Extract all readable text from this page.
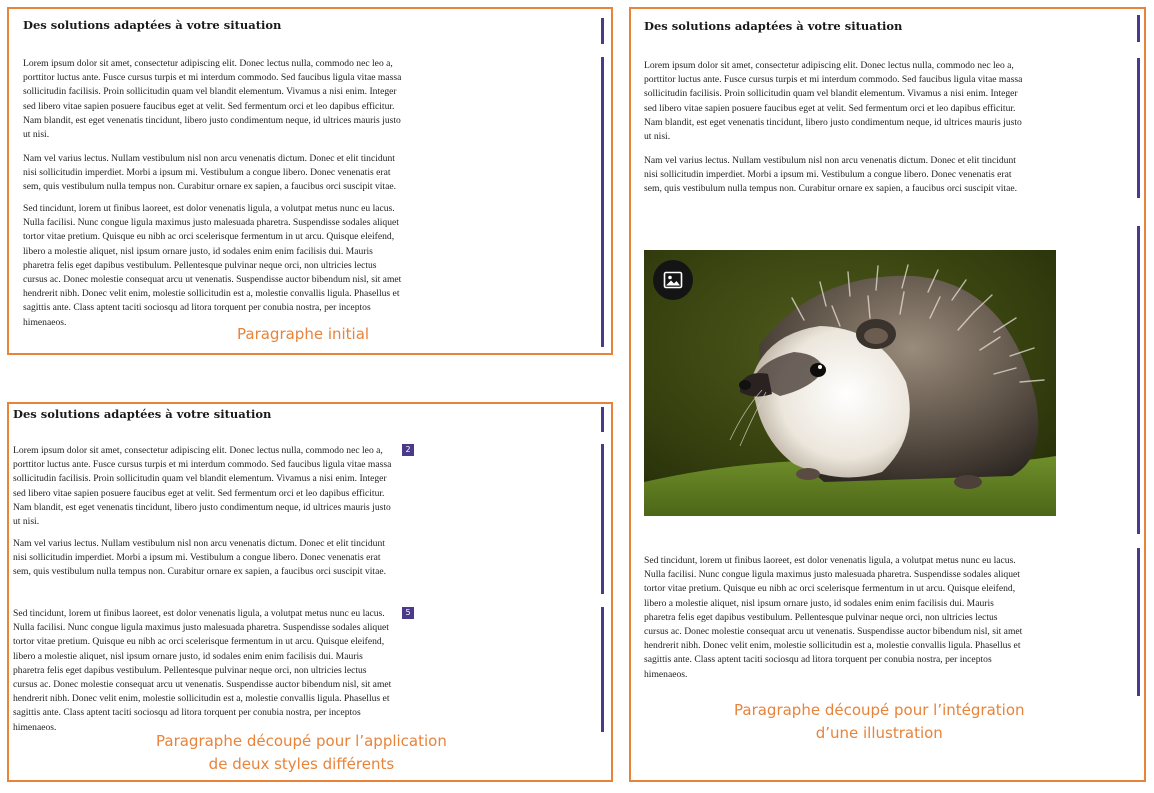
Des solutions adaptées à votre situation

Lorem ipsum dolor sit amet, consectetur adipiscing elit. Donec lectus nulla, commodo nec leo a,
porttitor luctus ante. Fusce cursus turpis et mi interdum commodo. Sed faucibus ligula vitae massa
sollicitudin facilisis. Proin sollicitudin quam vel blandit elementum. Vivamus a nisi enim. Integer
sed libero vitae sapien posuere faucibus eget at velit. Sed fermentum orci et leo dapibus efficitur.
Nam blandit, est eget venenatis tincidunt, libero justo condimentum neque, id ultrices mauris justo
ut nisi.
Nam vel varius lectus. Nullam vestibulum nisl non arcu venenatis dictum. Donec et elit tincidunt
nisi sollicitudin imperdiet. Morbi a ipsum mi. Vestibulum a congue libero. Donec venenatis erat
sem, quis vestibulum nulla tempus non. Curabitur ornare ex sapien, a faucibus orci suscipit vitae.
Sed tincidunt, lorem ut finibus laoreet, est dolor venenatis ligula, a volutpat metus nunc eu lacus.
Nulla facilisi. Nunc congue ligula maximus justo malesuada pharetra. Suspendisse sodales aliquet
tortor vitae pretium. Quisque eu nibh ac orci scelerisque fermentum in ut arcu. Quisque eleifend,
libero a molestie aliquet, nisl ipsum ornare justo, id sodales enim enim facilisis dui. Mauris
pharetra felis eget dapibus vestibulum. Pellentesque pulvinar neque orci, non ultricies lectus
cursus ac. Donec molestie consequat arcu ut venenatis. Suspendisse auctor bibendum nisl, sit amet
hendrerit nibh. Donec velit enim, molestie sollicitudin est a, molestie convallis ligula. Phasellus et
sagittis ante. Class aptent taciti sociosqu ad litora torquent per conubia nostra, per inceptos
himenaeos.

Paragraphe initial

Des solutions adaptées à votre situation

Lorem ipsum dolor sit amet, consectetur adipiscing elit. Donec lectus nulla, commodo nec leo a,
porttitor luctus ante. Fusce cursus turpis et mi interdum commodo. Sed faucibus ligula vitae massa
sollicitudin facilisis. Proin sollicitudin quam vel blandit elementum. Vivamus a nisi enim. Integer
sed libero vitae sapien posuere faucibus eget at velit. Sed fermentum orci et leo dapibus efficitur.
Nam blandit, est eget venenatis tincidunt, libero justo condimentum neque, id ultrices mauris justo
ut nisi.
Nam vel varius lectus. Nullam vestibulum nisl non arcu venenatis dictum. Donec et elit tincidunt
nisi sollicitudin imperdiet. Morbi a ipsum mi. Vestibulum a congue libero. Donec venenatis erat
sem, quis vestibulum nulla tempus non. Curabitur ornare ex sapien, a faucibus orci suscipit vitae.
2
Sed tincidunt, lorem ut finibus laoreet, est dolor venenatis ligula, a volutpat metus nunc eu lacus.
Nulla facilisi. Nunc congue ligula maximus justo malesuada pharetra. Suspendisse sodales aliquet
tortor vitae pretium. Quisque eu nibh ac orci scelerisque fermentum in ut arcu. Quisque eleifend,
libero a molestie aliquet, nisl ipsum ornare justo, id sodales enim enim facilisis dui. Mauris
pharetra felis eget dapibus vestibulum. Pellentesque pulvinar neque orci, non ultricies lectus
cursus ac. Donec molestie consequat arcu ut venenatis. Suspendisse auctor bibendum nisl, sit amet
hendrerit nibh. Donec velit enim, molestie sollicitudin est a, molestie convallis ligula. Phasellus et
sagittis ante. Class aptent taciti sociosqu ad litora torquent per conubia nostra, per inceptos
himenaeos.
5

Paragraphe découpé pour l’application
de deux styles différents

Des solutions adaptées à votre situation

Lorem ipsum dolor sit amet, consectetur adipiscing elit. Donec lectus nulla, commodo nec leo a,
porttitor luctus ante. Fusce cursus turpis et mi interdum commodo. Sed faucibus ligula vitae massa
sollicitudin facilisis. Proin sollicitudin quam vel blandit elementum. Vivamus a nisi enim. Integer
sed libero vitae sapien posuere faucibus eget at velit. Sed fermentum orci et leo dapibus efficitur.
Nam blandit, est eget venenatis tincidunt, libero justo condimentum neque, id ultrices mauris justo
ut nisi.
Nam vel varius lectus. Nullam vestibulum nisl non arcu venenatis dictum. Donec et elit tincidunt
nisi sollicitudin imperdiet. Morbi a ipsum mi. Vestibulum a congue libero. Donec venenatis erat
sem, quis vestibulum nulla tempus non. Curabitur ornare ex sapien, a faucibus orci suscipit vitae.
Sed tincidunt, lorem ut finibus laoreet, est dolor venenatis ligula, a volutpat metus nunc eu lacus.
Nulla facilisi. Nunc congue ligula maximus justo malesuada pharetra. Suspendisse sodales aliquet
tortor vitae pretium. Quisque eu nibh ac orci scelerisque fermentum in ut arcu. Quisque eleifend,
libero a molestie aliquet, nisl ipsum ornare justo, id sodales enim enim facilisis dui. Mauris
pharetra felis eget dapibus vestibulum. Pellentesque pulvinar neque orci, non ultricies lectus
cursus ac. Donec molestie consequat arcu ut venenatis. Suspendisse auctor bibendum nisl, sit amet
hendrerit nibh. Donec velit enim, molestie sollicitudin est a, molestie convallis ligula. Phasellus et
sagittis ante. Class aptent taciti sociosqu ad litora torquent per conubia nostra, per inceptos
himenaeos.

Paragraphe découpé pour l’intégration
d’une illustration
